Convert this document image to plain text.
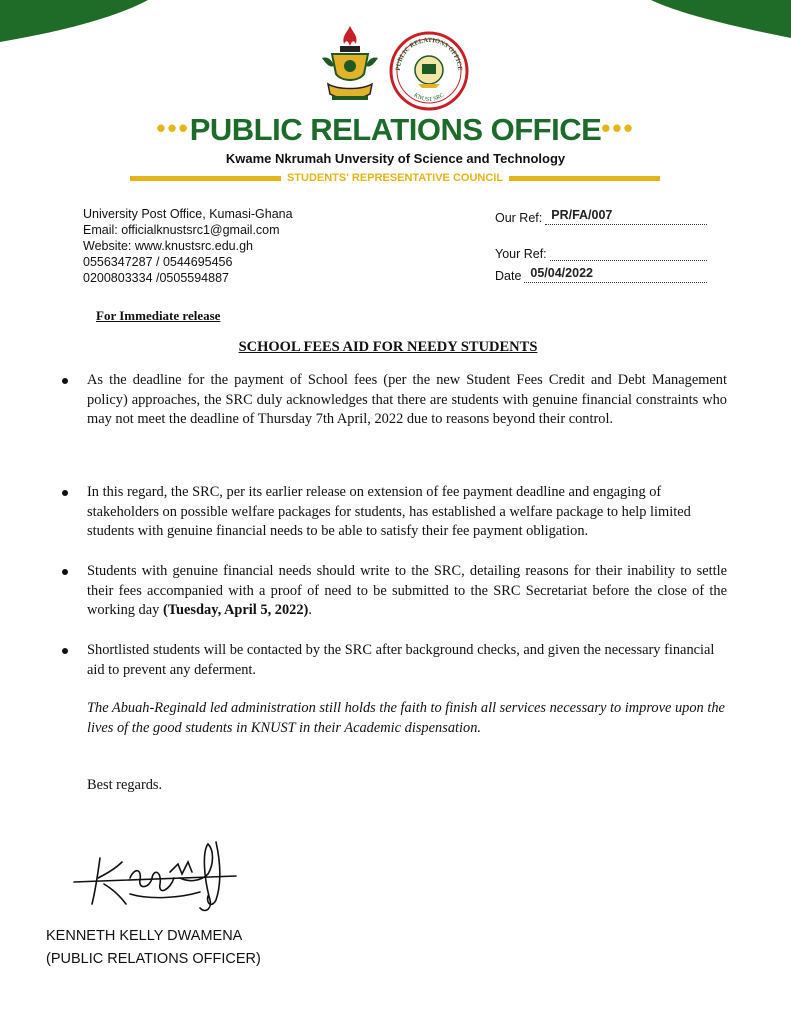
PUBLIC RELATIONS OFFICE
KNUST SRC
•••PUBLIC RELATIONS OFFICE•••
Kwame Nkrumah Unversity of Science and Technology
STUDENTS' REPRESENTATIVE COUNCIL
University Post Office, Kumasi-Ghana
Email: officialknustsrc1@gmail.com
Website: www.knustsrc.edu.gh
0556347287 / 0544695456
0200803334 /0505594887
Our Ref: PR/FA/007
Your Ref:
Date 05/04/2022
For Immediate release
SCHOOL FEES AID FOR NEEDY STUDENTS
As the deadline for the payment of School fees (per the new Student Fees Credit and Debt Management policy) approaches, the SRC duly acknowledges that there are students with genuine financial constraints who may not meet the deadline of Thursday 7th April, 2022 due to reasons beyond their control.
In this regard, the SRC, per its earlier release on extension of fee payment deadline and engaging of stakeholders on possible welfare packages for students, has established a welfare package to help limited students with genuine financial needs to be able to satisfy their fee payment obligation.
Students with genuine financial needs should write to the SRC, detailing reasons for their inability to settle their fees accompanied with a proof of need to be submitted to the SRC Secretariat before the close of the working day (Tuesday, April 5, 2022).
Shortlisted students will be contacted by the SRC after background checks, and given the necessary financial aid to prevent any deferment.
The Abuah-Reginald led administration still holds the faith to finish all services necessary to improve upon the lives of the good students in KNUST in their Academic dispensation.
Best regards.
KENNETH KELLY DWAMENA
(PUBLIC RELATIONS OFFICER)
